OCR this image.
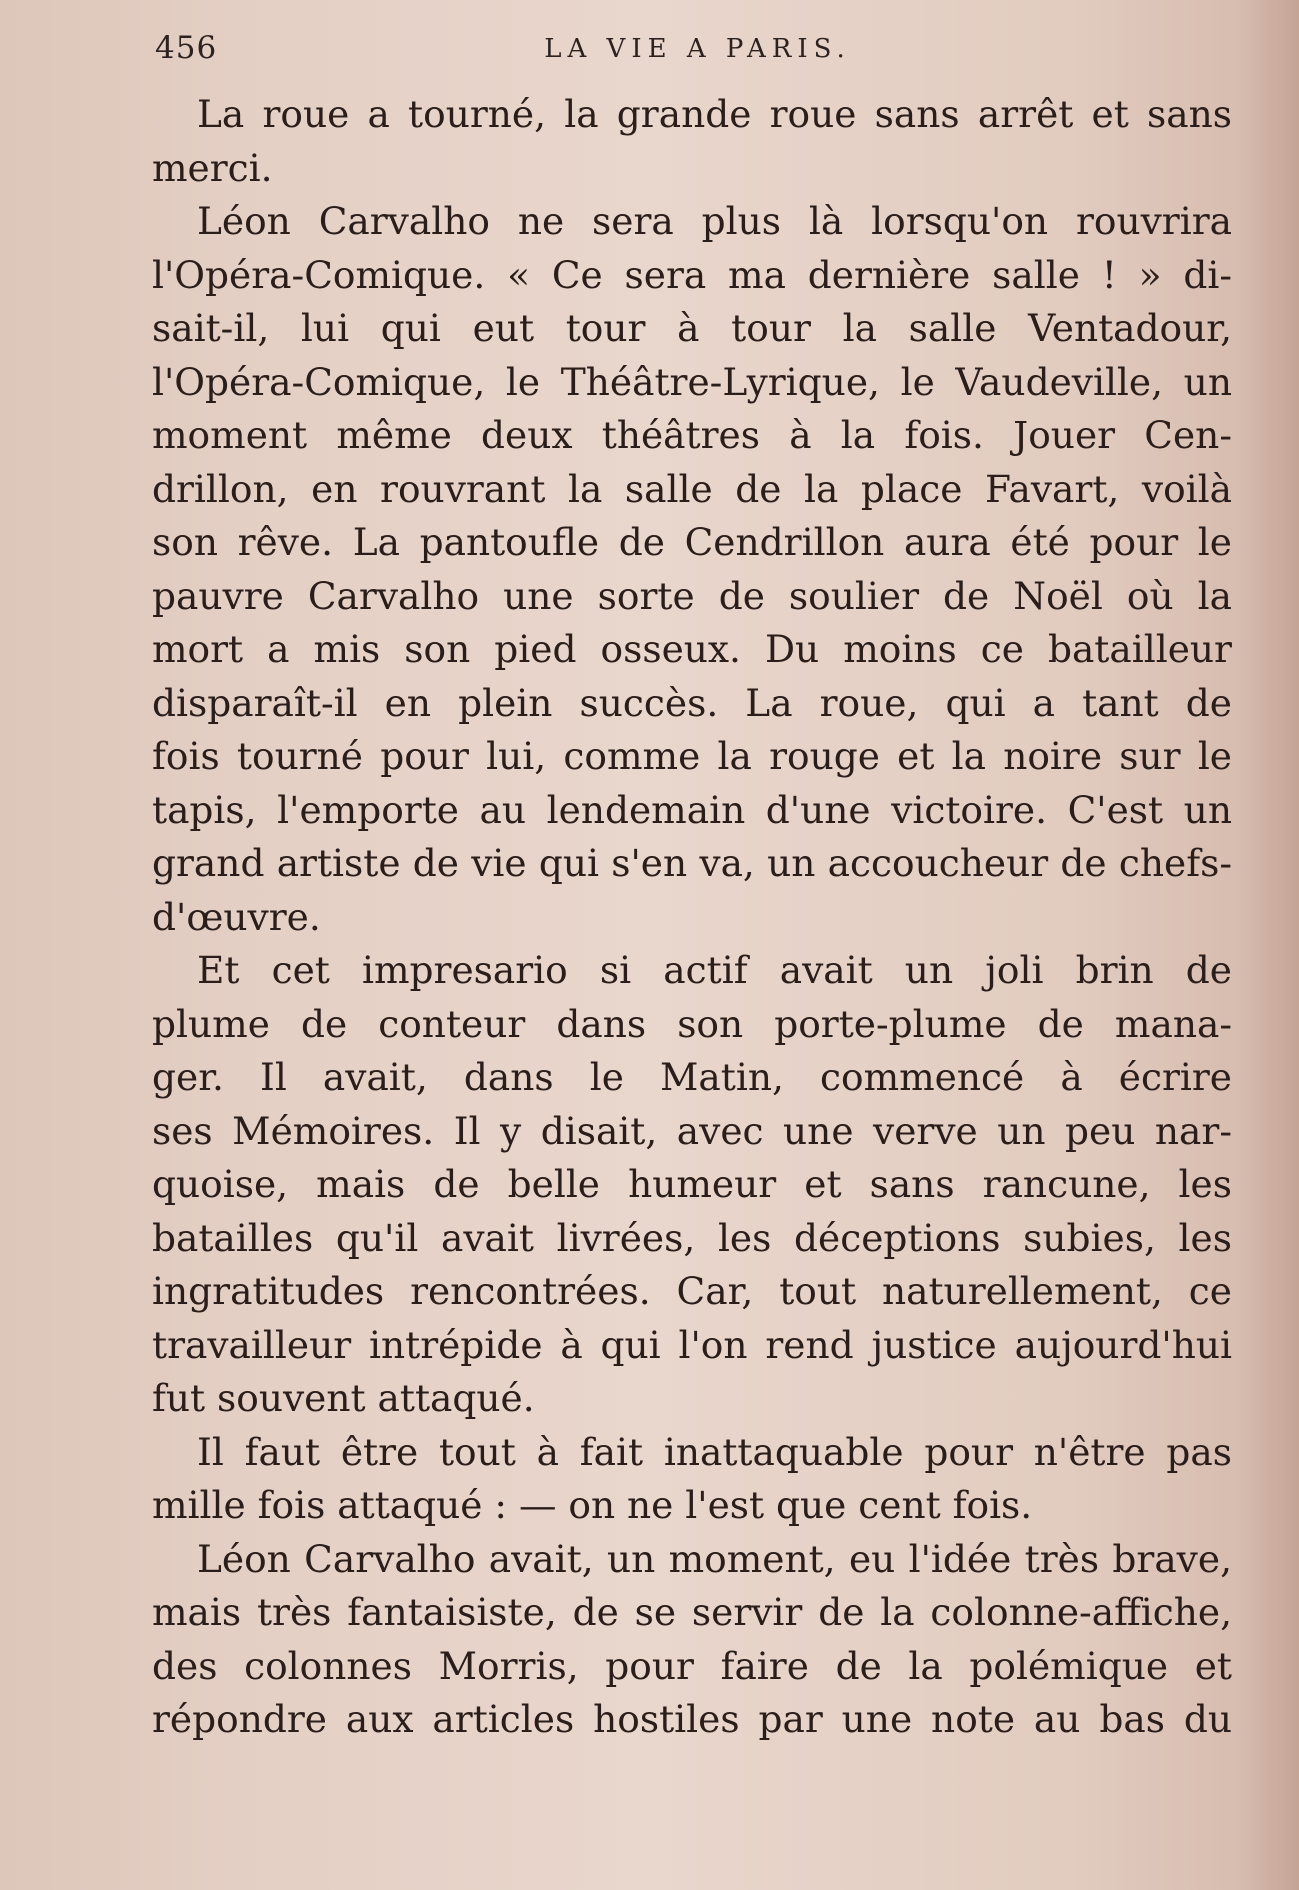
456	LA VIE A PARIS.
La roue a tourné, la grande roue sans arrêt et sans
merci.
Léon Carvalho ne sera plus là lorsqu'on rouvrira
l'Opéra-Comique. « Ce sera ma dernière salle ! » di-
sait-il, lui qui eut tour à tour la salle Ventadour,
l'Opéra-Comique, le Théâtre-Lyrique, le Vaudeville, un
moment même deux théâtres à la fois. Jouer Cen-
drillon, en rouvrant la salle de la place Favart, voilà
son rêve. La pantoufle de Cendrillon aura été pour le
pauvre Carvalho une sorte de soulier de Noël où la
mort a mis son pied osseux. Du moins ce batailleur
disparaît-il en plein succès. La roue, qui a tant de
fois tourné pour lui, comme la rouge et la noire sur le
tapis, l'emporte au lendemain d'une victoire. C'est un
grand artiste de vie qui s'en va, un accoucheur de chefs-
d'œuvre.
Et cet impresario si actif avait un joli brin de
plume de conteur dans son porte-plume de mana-
ger. Il avait, dans le Matin, commencé à écrire
ses Mémoires. Il y disait, avec une verve un peu nar-
quoise, mais de belle humeur et sans rancune, les
batailles qu'il avait livrées, les déceptions subies, les
ingratitudes rencontrées. Car, tout naturellement, ce
travailleur intrépide à qui l'on rend justice aujourd'hui
fut souvent attaqué.
Il faut être tout à fait inattaquable pour n'être pas
mille fois attaqué : — on ne l'est que cent fois.
Léon Carvalho avait, un moment, eu l'idée très brave,
mais très fantaisiste, de se servir de la colonne-affiche,
des colonnes Morris, pour faire de la polémique et
répondre aux articles hostiles par une note au bas du
